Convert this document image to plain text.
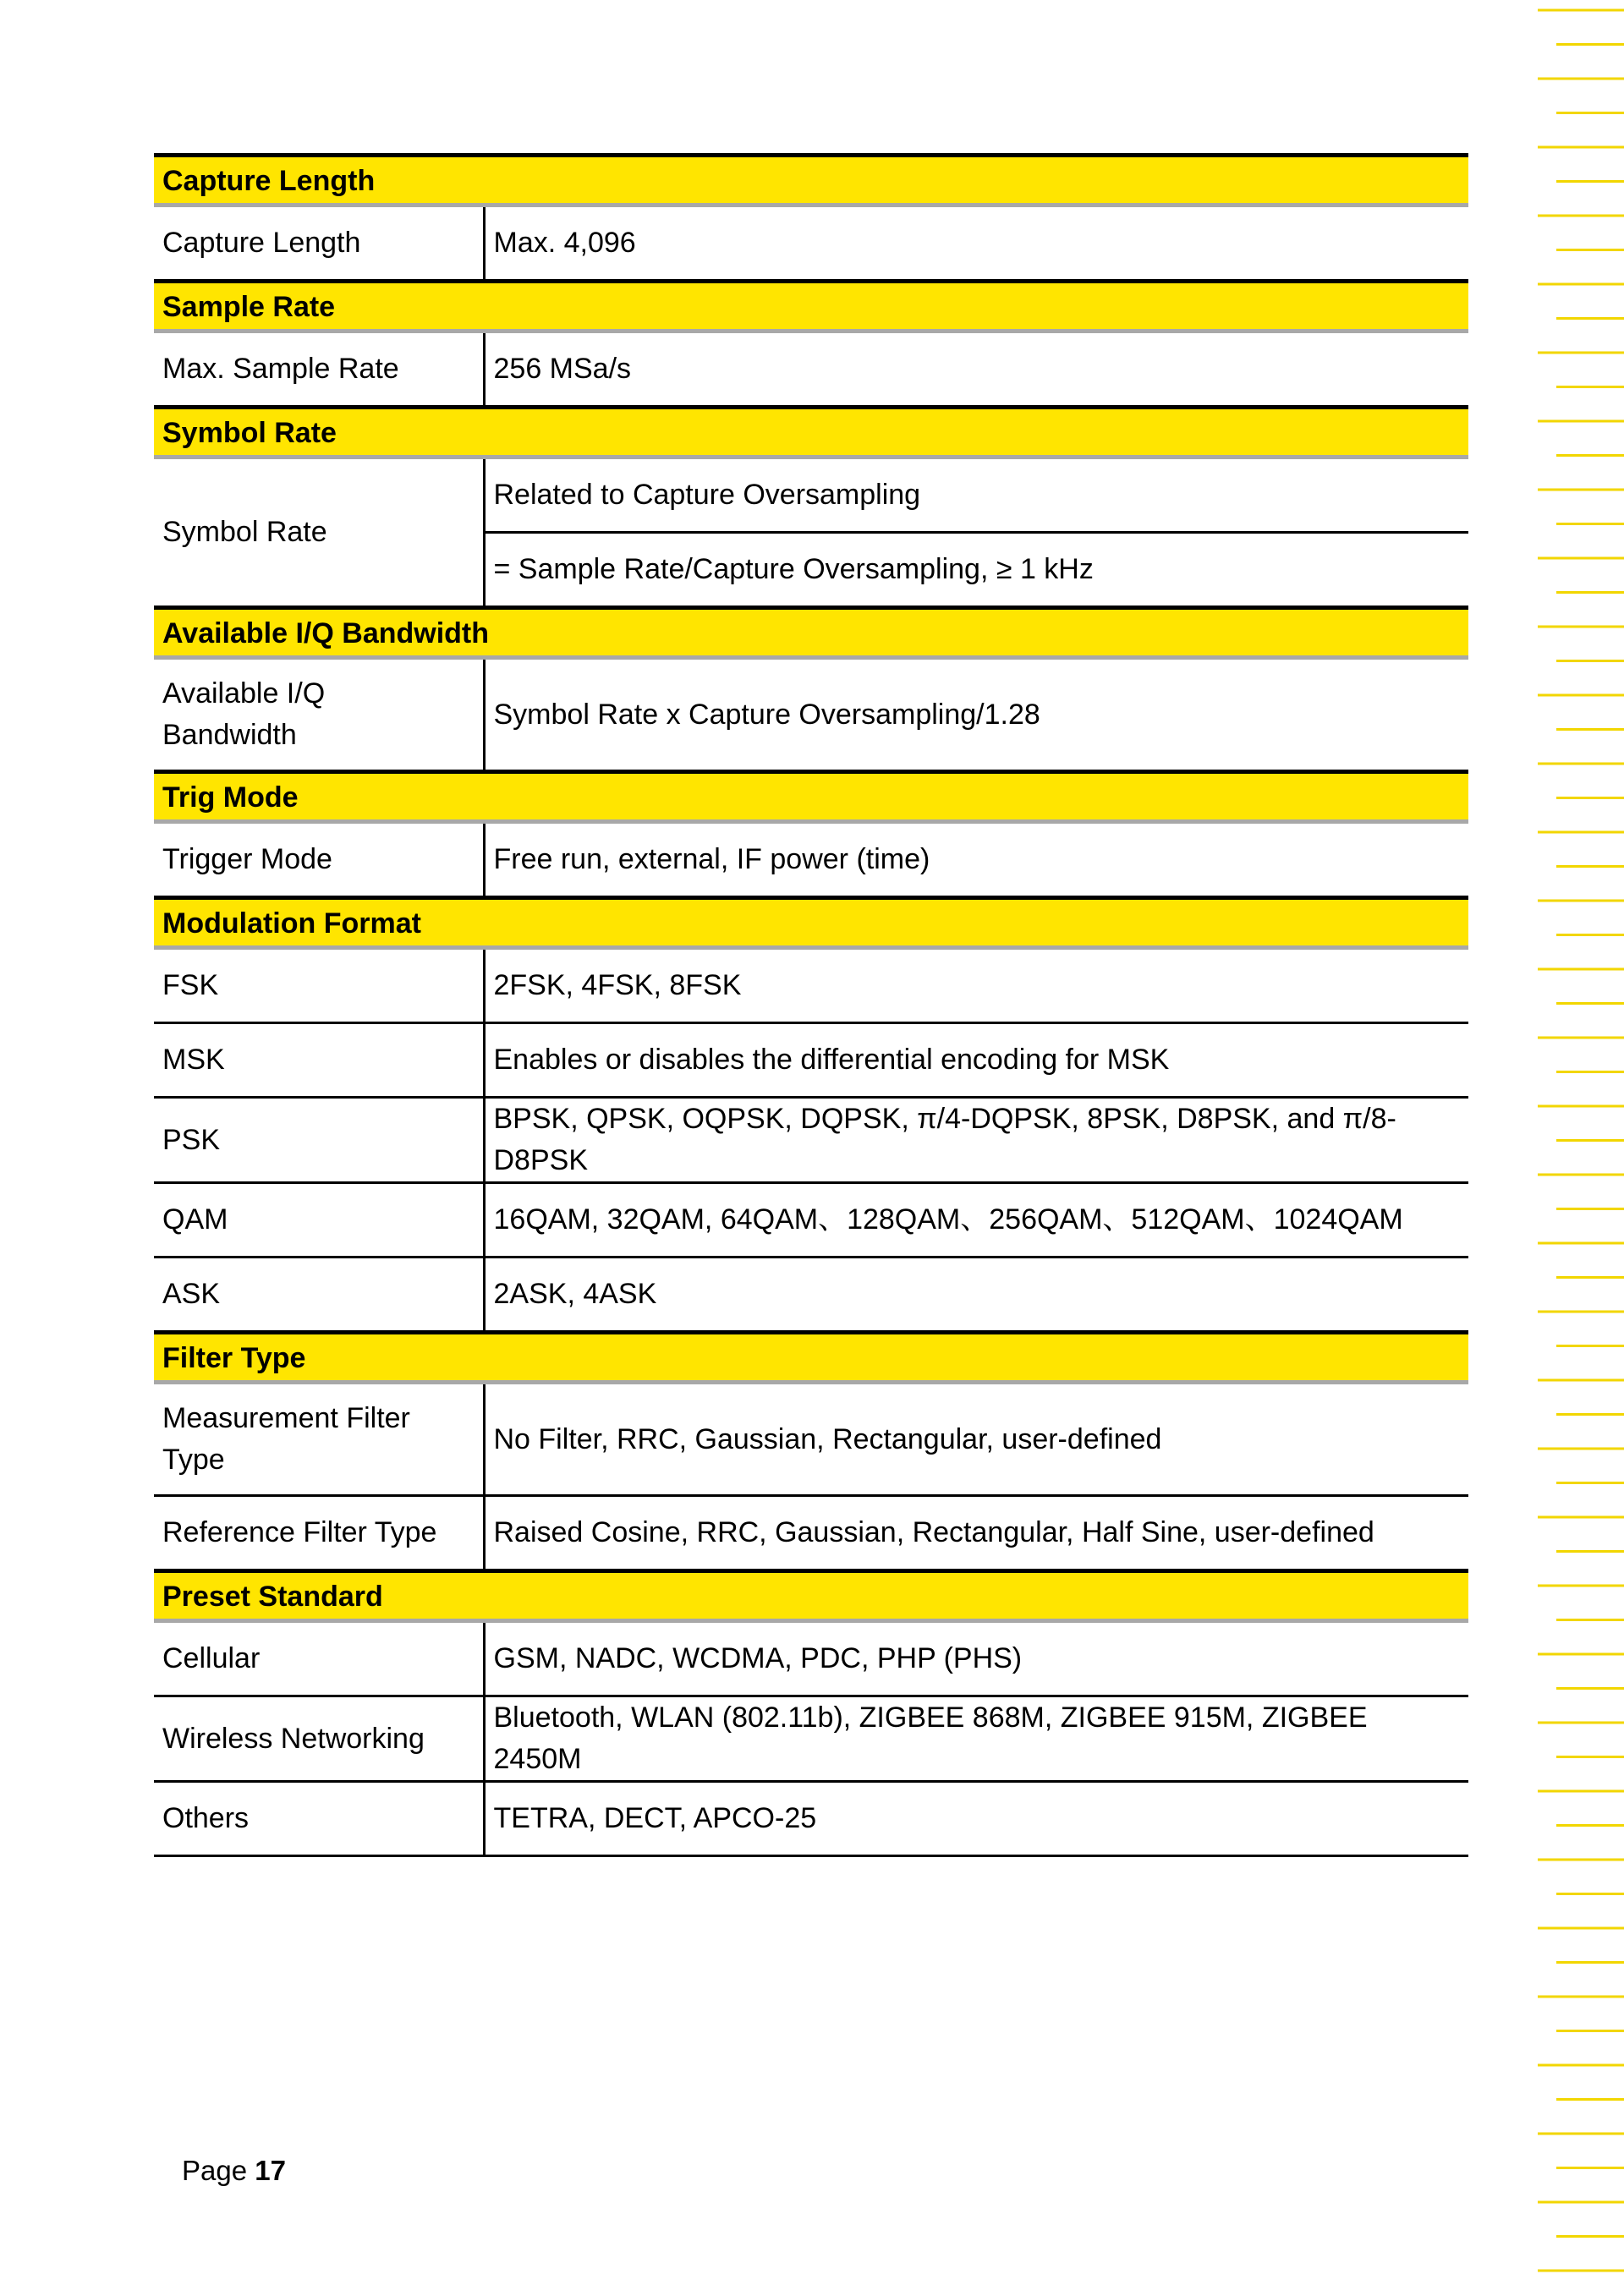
Capture Length	
Capture Length	Max. 4,096
Sample Rate	
Max. Sample Rate	256 MSa/s
Symbol Rate	
Symbol Rate	Related to Capture Oversampling
	= Sample Rate/Capture Oversampling, ≥ 1 kHz
Available I/Q Bandwidth	
Available I/Q Bandwidth	Symbol Rate x Capture Oversampling/1.28
Trig Mode	
Trigger Mode	Free run, external, IF power (time)
Modulation Format	
FSK	2FSK, 4FSK, 8FSK
MSK	Enables or disables the differential encoding for MSK
PSK	BPSK, QPSK, OQPSK, DQPSK, π/4-DQPSK, 8PSK, D8PSK, and π/8-D8PSK
QAM	16QAM, 32QAM, 64QAM、128QAM、256QAM、512QAM、1024QAM
ASK	2ASK, 4ASK
Filter Type	
Measurement Filter Type	No Filter, RRC, Gaussian, Rectangular, user-defined
Reference Filter Type	Raised Cosine, RRC, Gaussian, Rectangular, Half Sine, user-defined
Preset Standard	
Cellular	GSM, NADC, WCDMA, PDC, PHP (PHS)
Wireless Networking	Bluetooth, WLAN (802.11b), ZIGBEE 868M, ZIGBEE 915M, ZIGBEE 2450M
Others	TETRA, DECT, APCO-25
Page 17
